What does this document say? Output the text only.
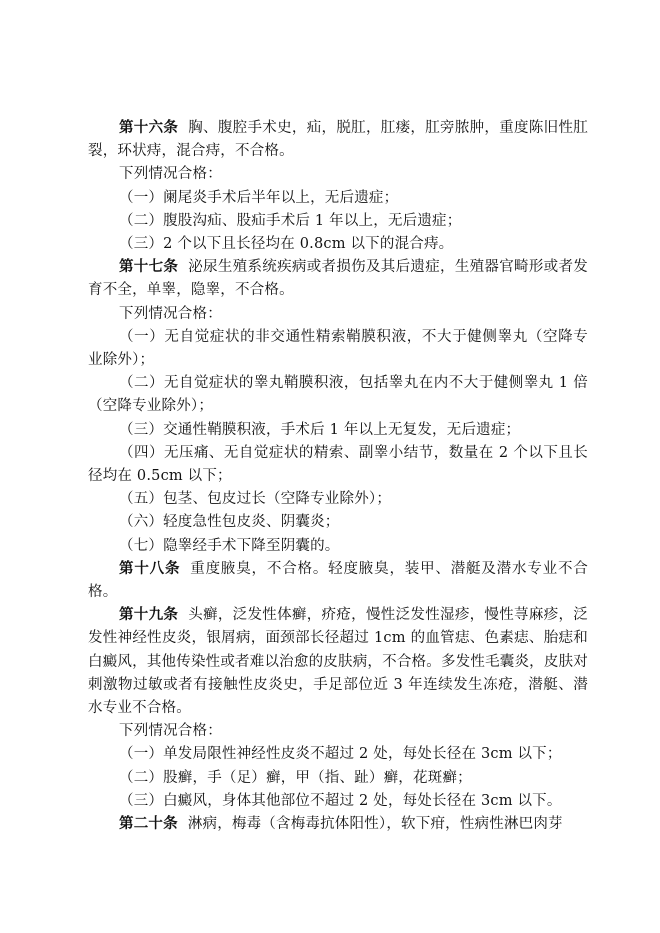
第十六条 胸、腹腔手术史，疝，脱肛，肛瘘，肛旁脓肿，重度陈旧性肛裂，环状痔，混合痔，不合格。

下列情况合格：

（一）阑尾炎手术后半年以上，无后遗症；

（二）腹股沟疝、股疝手术后 1 年以上，无后遗症；

（三）2 个以下且长径均在 0.8cm 以下的混合痔。

第十七条 泌尿生殖系统疾病或者损伤及其后遗症，生殖器官畸形或者发育不全，单睾，隐睾，不合格。

下列情况合格：

（一）无自觉症状的非交通性精索鞘膜积液，不大于健侧睾丸（空降专业除外）；

（二）无自觉症状的睾丸鞘膜积液，包括睾丸在内不大于健侧睾丸 1 倍（空降专业除外）；

（三）交通性鞘膜积液，手术后 1 年以上无复发，无后遗症；

（四）无压痛、无自觉症状的精索、副睾小结节，数量在 2 个以下且长径均在 0.5cm 以下；

（五）包茎、包皮过长（空降专业除外）；

（六）轻度急性包皮炎、阴囊炎；

（七）隐睾经手术下降至阴囊的。

第十八条 重度腋臭，不合格。轻度腋臭，装甲、潜艇及潜水专业不合格。

第十九条 头癣，泛发性体癣，疥疮，慢性泛发性湿疹，慢性荨麻疹，泛发性神经性皮炎，银屑病，面颈部长径超过 1cm 的血管痣、色素痣、胎痣和白癜风，其他传染性或者难以治愈的皮肤病，不合格。多发性毛囊炎，皮肤对刺激物过敏或者有接触性皮炎史，手足部位近 3 年连续发生冻疮，潜艇、潜水专业不合格。

下列情况合格：

（一）单发局限性神经性皮炎不超过 2 处，每处长径在 3cm 以下；

（二）股癣，手（足）癣，甲（指、趾）癣，花斑癣；

（三）白癜风，身体其他部位不超过 2 处，每处长径在 3cm 以下。

第二十条 淋病，梅毒（含梅毒抗体阳性），软下疳，性病性淋巴肉芽
